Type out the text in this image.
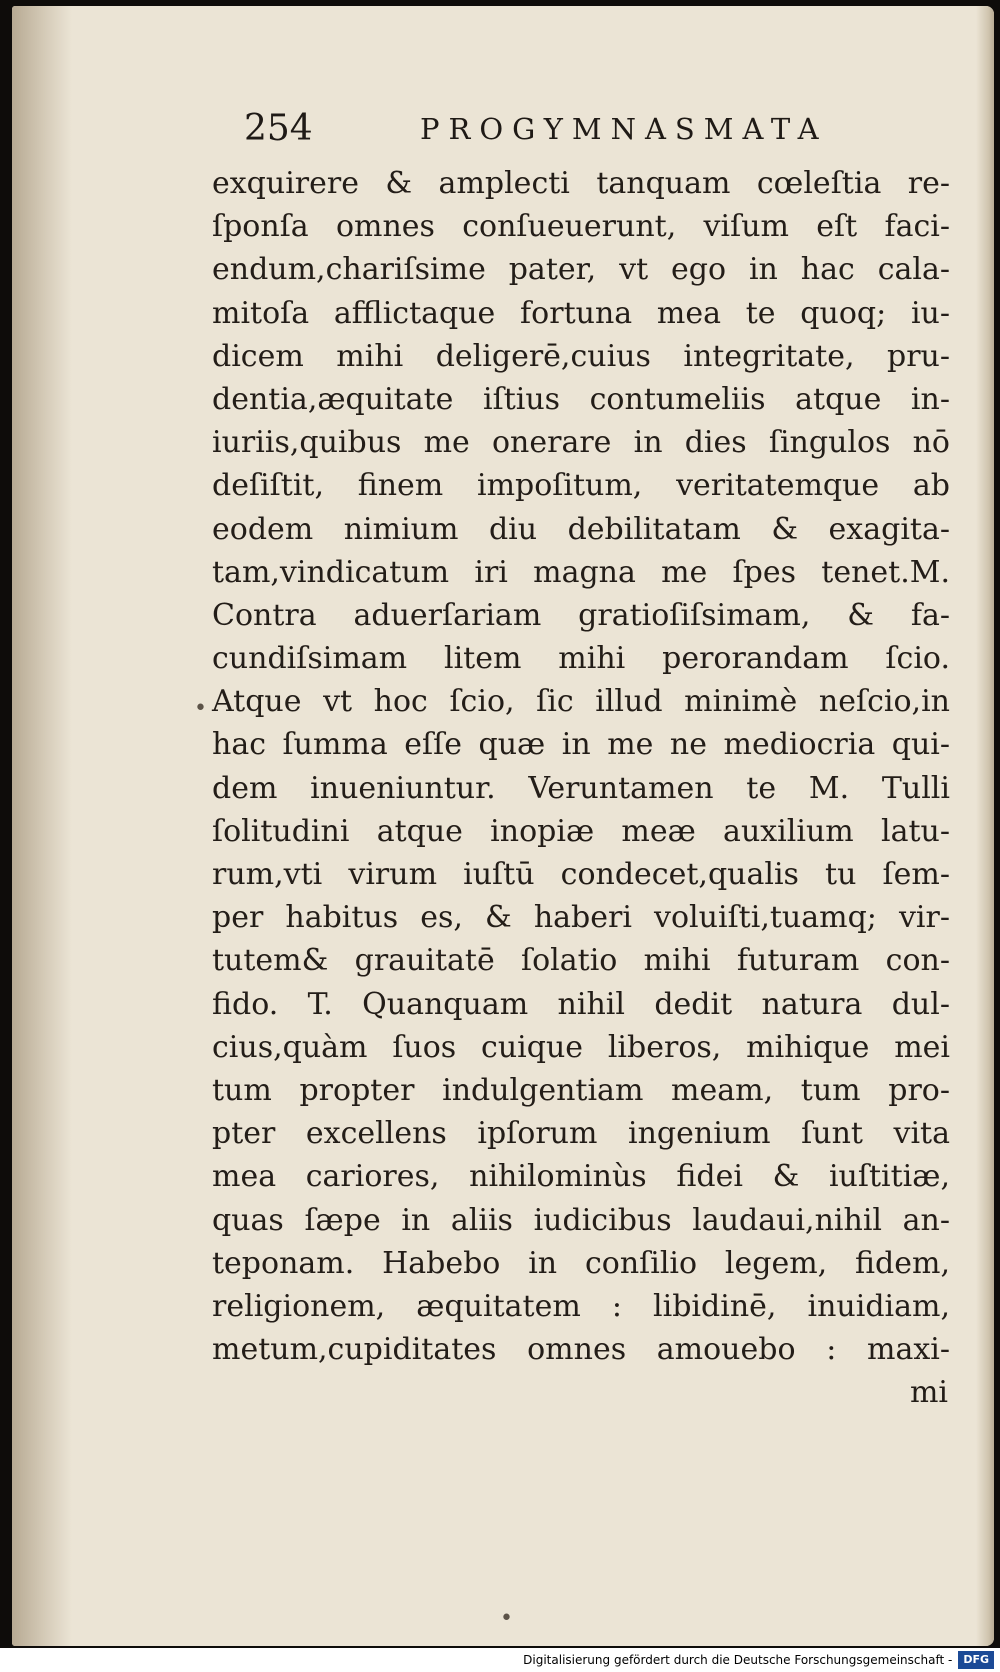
254	PROGYMNASMATA
exquirere & ampleсti tanquam cœleſtia re-
ſponſa omnes conſueuerunt, viſum eſt faci-
endum,chariſsime pater, vt ego in hac cala-
mitoſa afflictaque fortuna mea te quoq; iu-
dicem mihi deligerē,cuius integritate, pru-
dentia,æquitate iſtius contumeliis atque in-
iuriis,quibus me onerare in dies ſingulos nō
deſiſtit, finem impoſitum, veritatemque ab
eodem nimium diu debilitatam & exagita-
tam,vindicatum iri magna me ſpes tenet.M.
Contra aduerſariam gratioſiſsimam, & fa-
cundiſsimam litem mihi perorandam ſcio.
Atque vt hoc ſcio, ſic illud minimè neſcio,in
hac ſumma eſſe quæ in me ne mediocria qui-
dem inueniuntur. Veruntamen te M. Tulli
ſolitudini atque inopiæ meæ auxilium latu-
rum,vti virum iuſtū condecet,qualis tu ſem-
per habitus es, & haberi voluiſti,tuamq; vir-
tutem& grauitatē ſolatio mihi futuram con-
fido. T. Quanquam nihil dedit natura dul-
cius,quàm ſuos cuique liberos, mihique mei
tum propter indulgentiam meam, tum pro-
pter excellens ipſorum ingenium ſunt vita
mea cariores, nihilominùs fidei & iuſtitiæ,
quas ſæpe in aliis iudicibus laudaui,nihil an-
teponam. Habebo in conſilio legem, fidem,
religionem, æquitatem : libidinē, inuidiam,
metum,cupiditates omnes amouebo : maxi-
mi
•
•
Digitalisierung gefördert durch die Deutsche Forschungsgemeinschaft -	DFG
